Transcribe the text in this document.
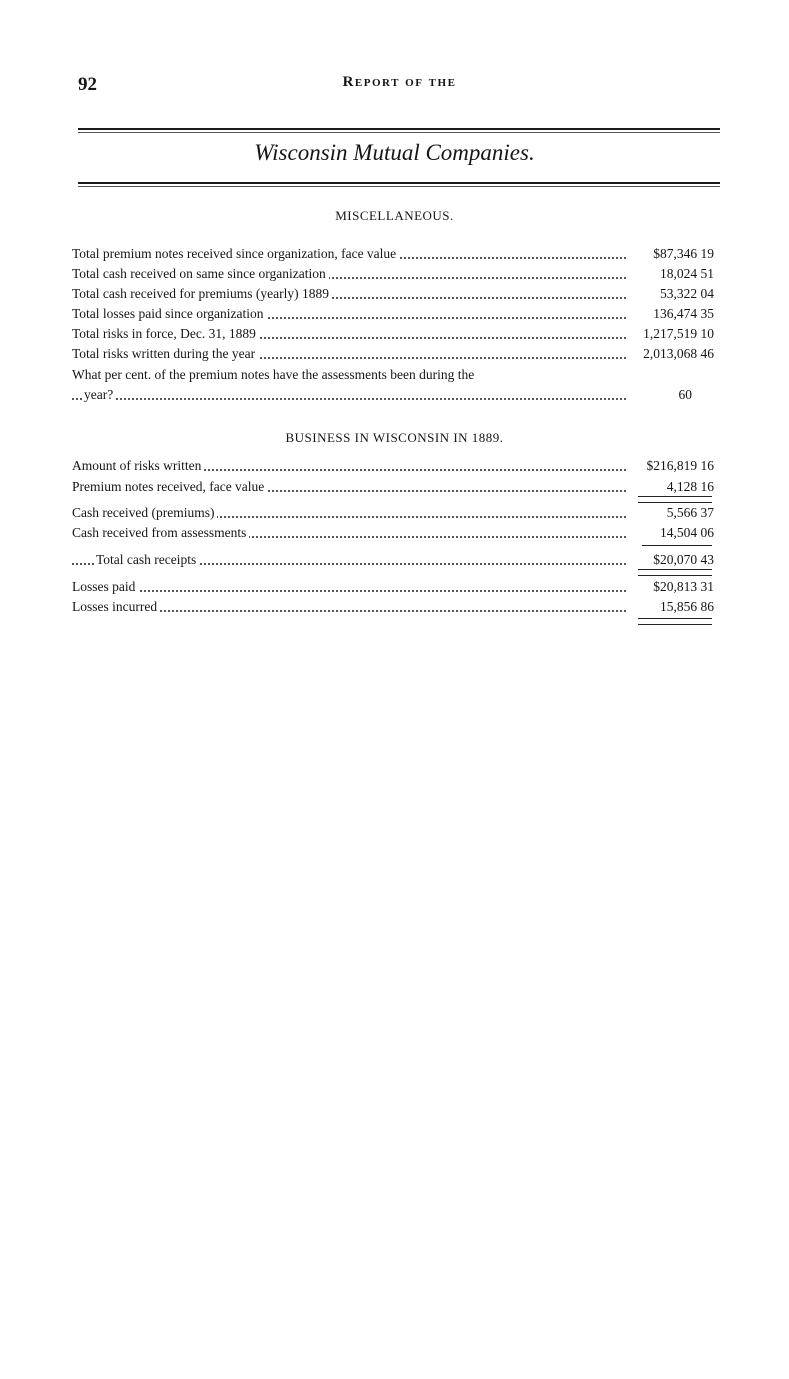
92	Report of the
Wisconsin Mutual Companies.
MISCELLANEOUS.
Total premium notes received since organization, face value	$87,346 19
Total cash received on same since organization	18,024 51
Total cash received for premiums (yearly) 1889	53,322 04
Total losses paid since organization	136,474 35
Total risks in force, Dec. 31, 1889	1,217,519 10
Total risks written during the year	2,013,068 46
What per cent. of the premium notes have the assessments been during the
year?	60
BUSINESS IN WISCONSIN IN 1889.
Amount of risks written	$216,819 16
Premium notes received, face value	4,128 16
Cash received (premiums)	5,566 37
Cash received from assessments	14,504 06
Total cash receipts	$20,070 43
Losses paid	$20,813 31
Losses incurred	15,856 86
